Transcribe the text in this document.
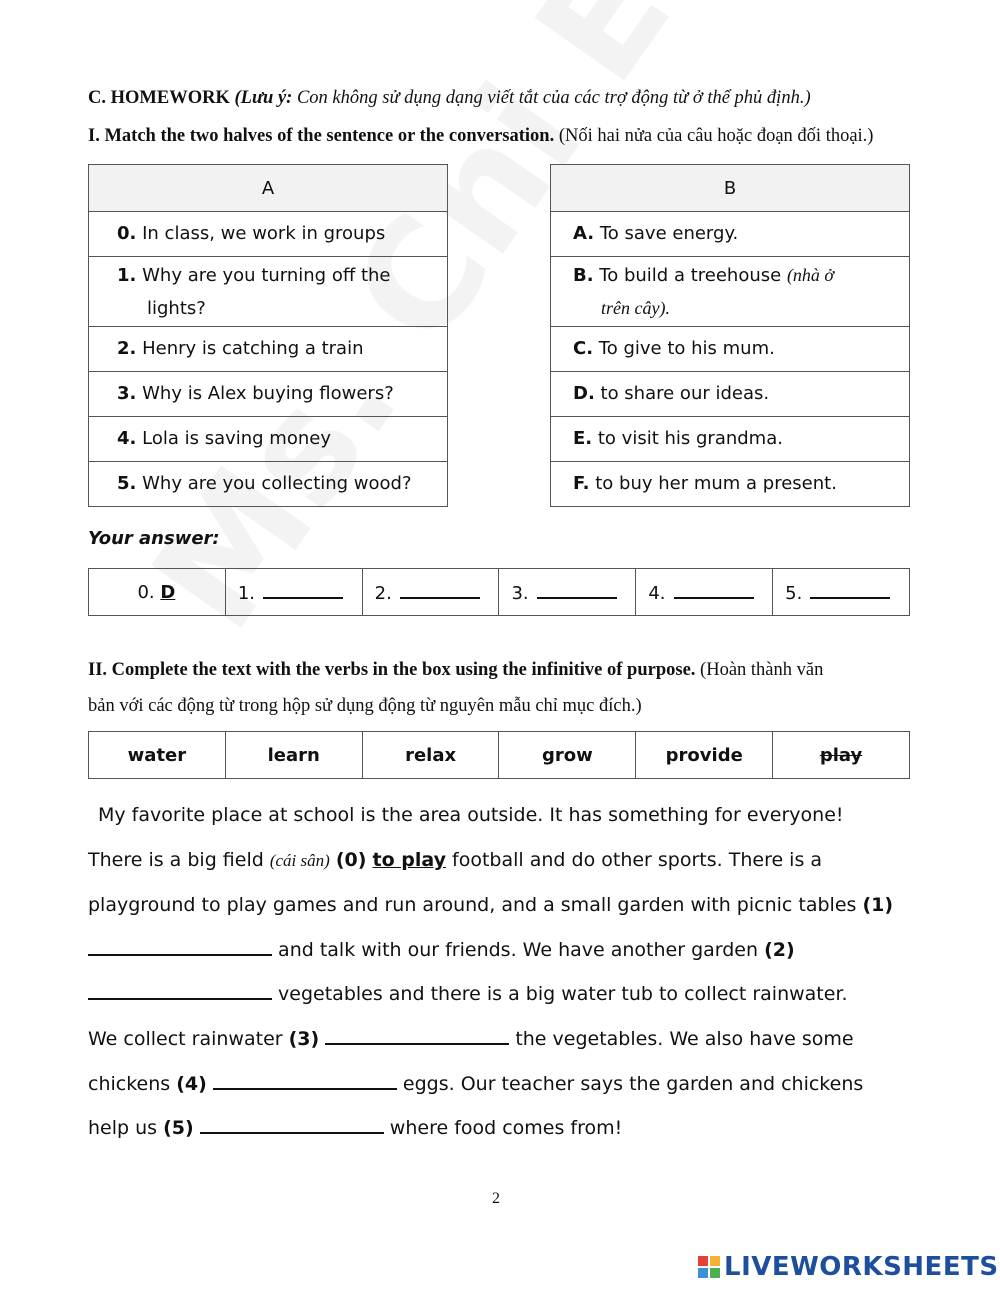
C. HOMEWORK (Lưu ý: Con không sử dụng dạng viết tắt của các trợ động từ ở thể phủ định.)
I. Match the two halves of the sentence or the conversation. (Nối hai nửa của câu hoặc đoạn đối thoại.)
A
0. In class, we work in groups
1. Why are you turning off the
lights?
2. Henry is catching a train
3. Why is Alex buying flowers?
4. Lola is saving money
5. Why are you collecting wood?
B
A. To save energy.
B. To build a treehouse (nhà ở
trên cây).
C. To give to his mum.
D. to share our ideas.
E. to visit his grandma.
F. to buy her mum a present.
Your answer:
0. D	1.	2.	3.	4.	5.
II. Complete the text with the verbs in the box using the infinitive of purpose. (Hoàn thành văn
bản với các động từ trong hộp sử dụng động từ nguyên mẫu chỉ mục đích.)
water	learn	relax	grow	provide	play
My favorite place at school is the area outside. It has something for everyone!
There is a big field (cái sân) (0) to play football and do other sports. There is a
playground to play games and run around, and a small garden with picnic tables (1)
and talk with our friends. We have another garden (2)
vegetables and there is a big water tub to collect rainwater.
We collect rainwater (3)	the vegetables. We also have some
chickens (4)	eggs. Our teacher says the garden and chickens
help us (5)	where food comes from!
2
LIVEWORKSHEETS
